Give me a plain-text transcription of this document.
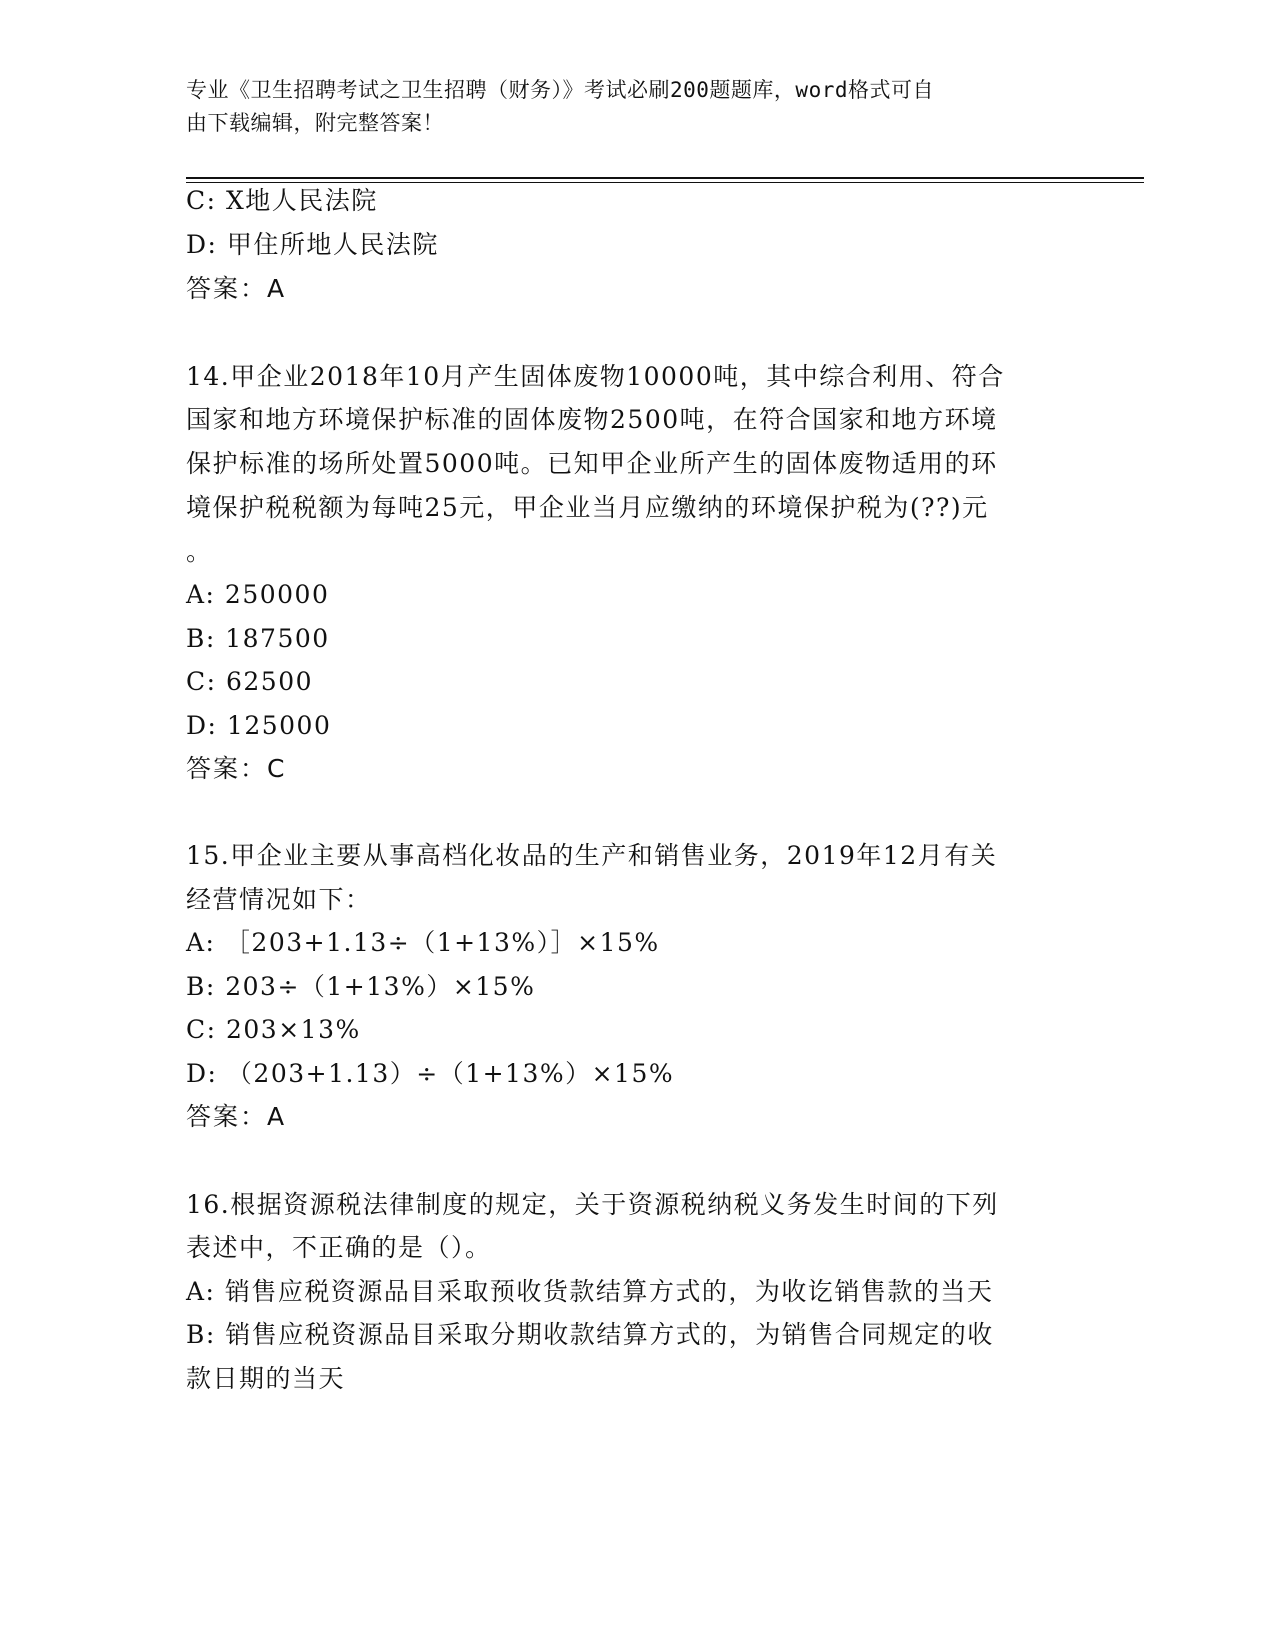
专业《卫生招聘考试之卫生招聘（财务）》考试必刷200题题库，word格式可自
由下载编辑，附完整答案！
C: X地人民法院
D: 甲住所地人民法院
答案：A
14.甲企业2018年10月产生固体废物10000吨，其中综合利用、符合
国家和地方环境保护标准的固体废物2500吨，在符合国家和地方环境
保护标准的场所处置5000吨。已知甲企业所产生的固体废物适用的环
境保护税税额为每吨25元，甲企业当月应缴纳的环境保护税为(??)元
。
A: 250000
B: 187500
C: 62500
D: 125000
答案：C
15.甲企业主要从事高档化妆品的生产和销售业务，2019年12月有关
经营情况如下：
A: ［203+1.13÷（1+13%）］×15%
B: 203÷（1+13%）×15%
C: 203×13%
D: （203+1.13）÷（1+13%）×15%
答案：A
16.根据资源税法律制度的规定，关于资源税纳税义务发生时间的下列
表述中，不正确的是（）。
A: 销售应税资源品目采取预收货款结算方式的，为收讫销售款的当天
B: 销售应税资源品目采取分期收款结算方式的，为销售合同规定的收
款日期的当天
